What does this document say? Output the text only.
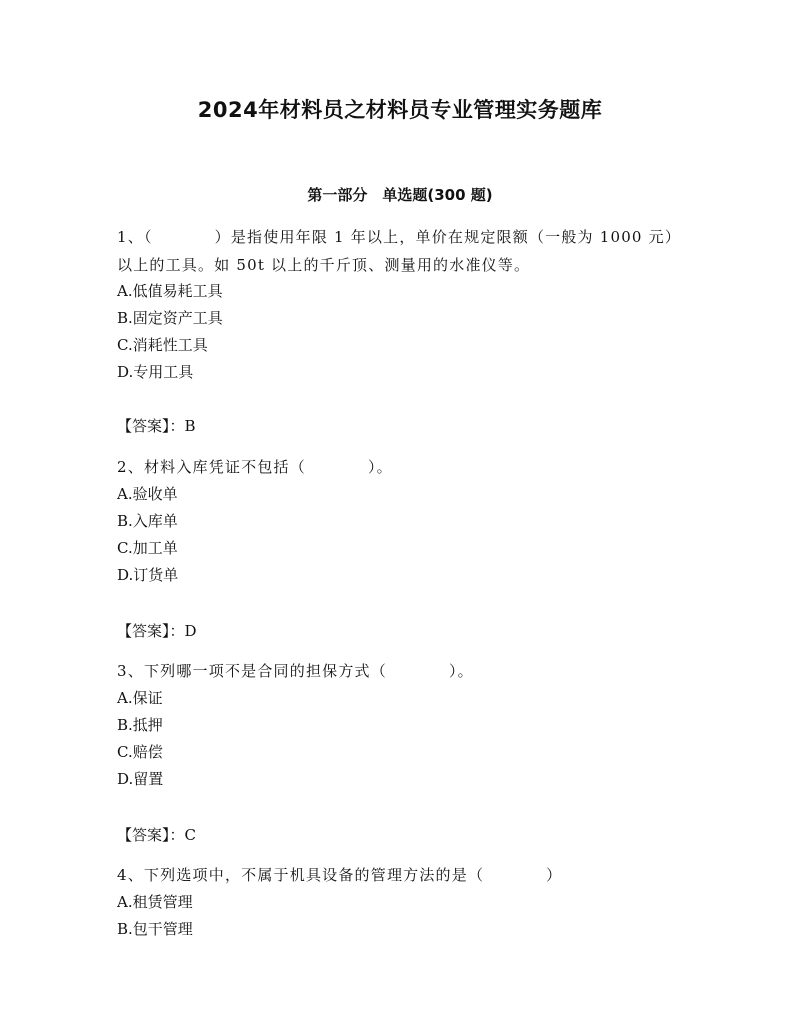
2024年材料员之材料员专业管理实务题库
第一部分　单选题(300 题)
1、（	）是指使用年限 1 年以上，单价在规定限额（一般为 1000 元）以上的工具。如 50t 以上的千斤顶、测量用的水准仪等。
A.低值易耗工具
B.固定资产工具
C.消耗性工具
D.专用工具
【答案】：B
2、材料入库凭证不包括（	）。
A.验收单
B.入库单
C.加工单
D.订货单
【答案】：D
3、下列哪一项不是合同的担保方式（	）。
A.保证
B.抵押
C.赔偿
D.留置
【答案】：C
4、下列选项中，不属于机具设备的管理方法的是（	）
A.租赁管理
B.包干管理
